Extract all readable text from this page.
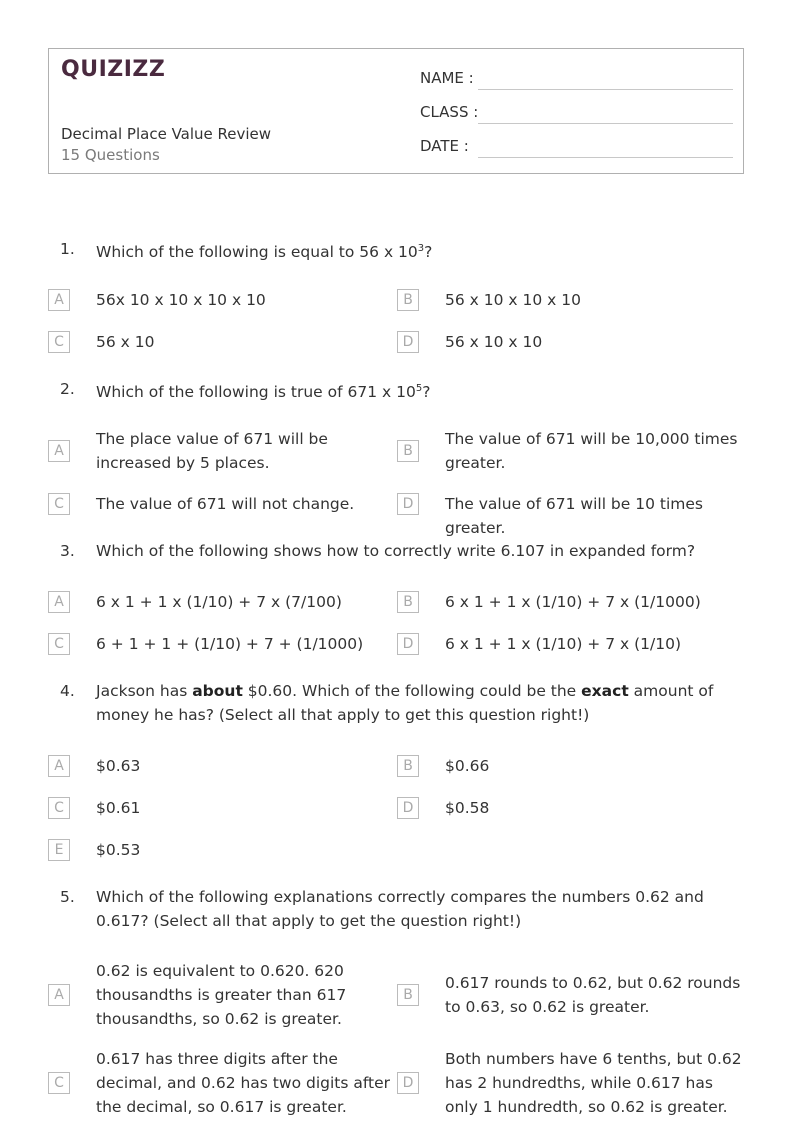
QUIZIZZ
Decimal Place Value Review
15 Questions
NAME :
CLASS :
DATE :
1. Which of the following is equal to 56 x $10^3$?
A	56x 10 x 10 x 10 x 10	B	56 x 10 x 10 x 10
C	56 x 10	D	56 x 10 x 10
2. Which of the following is true of 671 x $10^5$?
A
The place value of 671 will be increased by 5 places.
B
The value of 671 will be 10,000 times greater.
C	The value of 671 will not change.	D	The value of 671 will be 10 times greater.
3. Which of the following shows how to correctly write 6.107 in expanded form?
A	6 x 1 + 1 x (1/10) + 7 x (7/100)	B	6 x 1 + 1 x (1/10) + 7 x (1/1000)
C	6 + 1 + 1 + (1/10) + 7 + (1/1000)	D	6 x 1 + 1 x (1/10) + 7 x (1/10)
4. Jackson has about $0.60. Which of the following could be the exact amount of money he has? (Select all that apply to get this question right!)
A	$0.63	B	$0.66
C	$0.61	D	$0.58
E	$0.53
5. Which of the following explanations correctly compares the numbers 0.62 and 0.617? (Select all that apply to get the question right!)
A
0.62 is equivalent to 0.620. 620 thousandths is greater than 617 thousandths, so 0.62 is greater.
B
0.617 rounds to 0.62, but 0.62 rounds to 0.63, so 0.62 is greater.
C
0.617 has three digits after the decimal, and 0.62 has two digits after the decimal, so 0.617 is greater.
D
Both numbers have 6 tenths, but 0.62 has 2 hundredths, while 0.617 has only 1 hundredth, so 0.62 is greater.
